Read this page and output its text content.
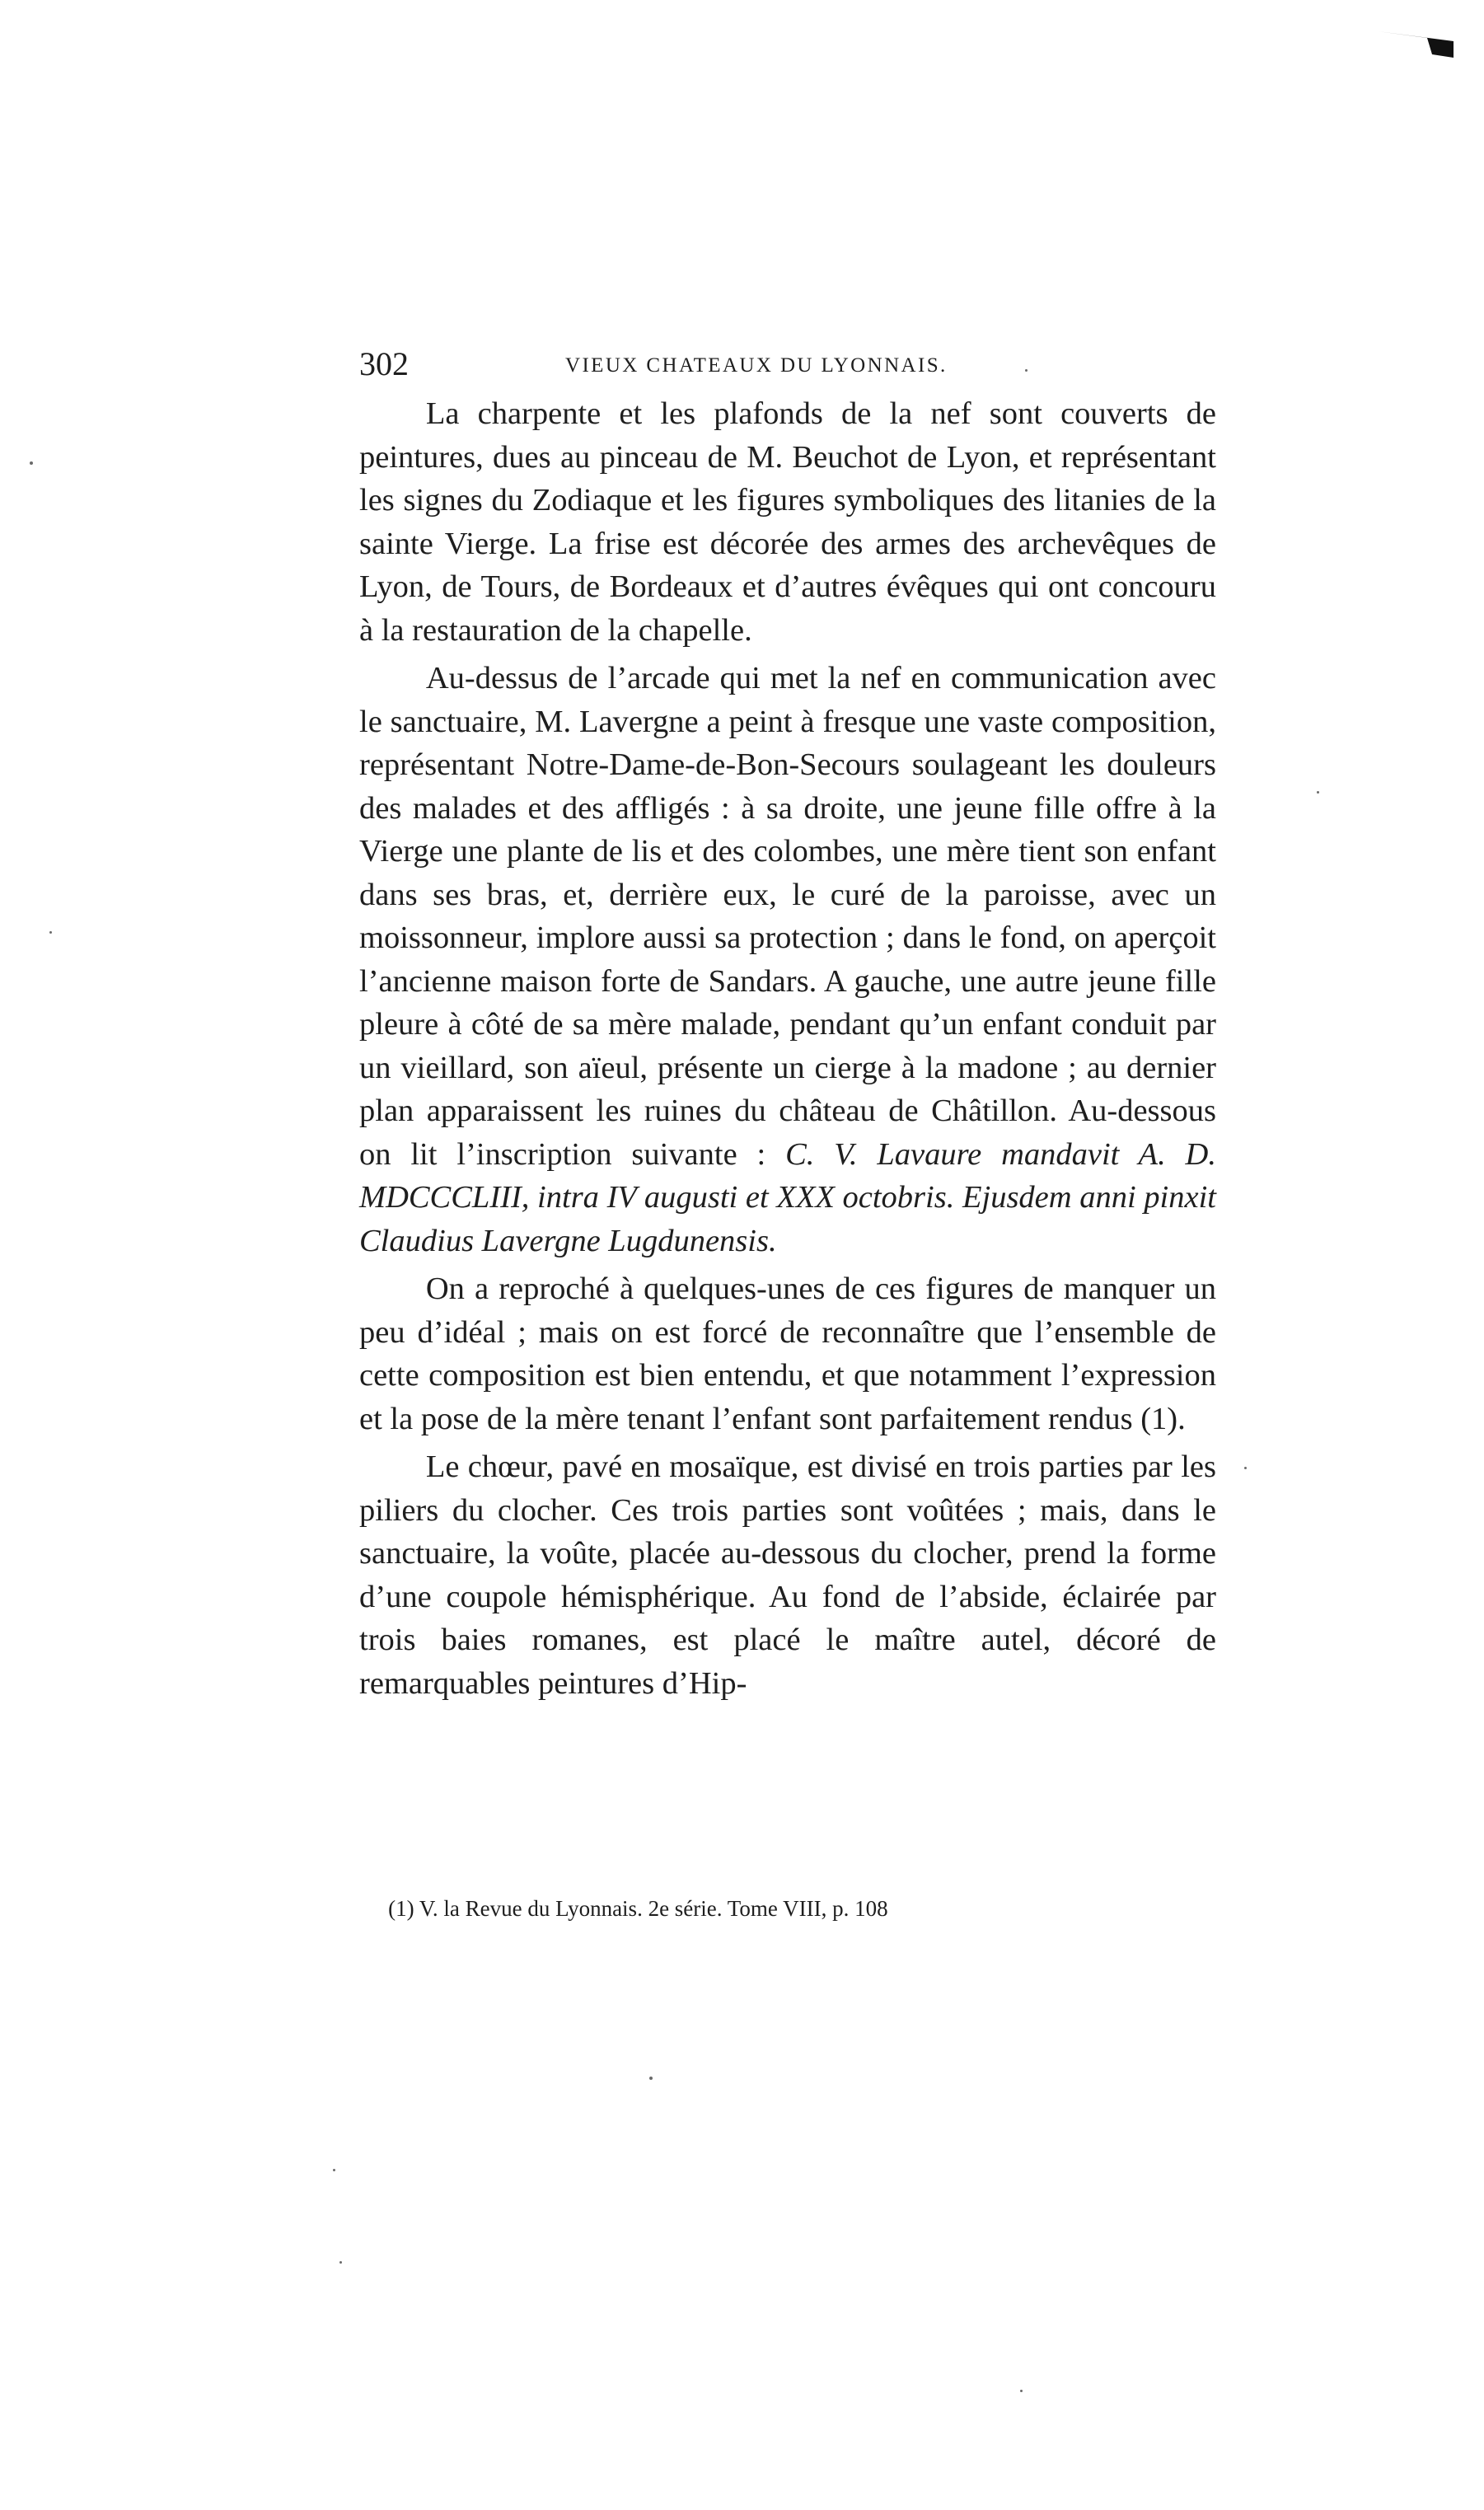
302	VIEUX CHATEAUX DU LYONNAIS.

La charpente et les plafonds de la nef sont couverts de peintures, dues au pinceau de M. Beuchot de Lyon, et représentant les signes du Zodiaque et les figures symboliques des litanies de la sainte Vierge. La frise est décorée des armes des archevêques de Lyon, de Tours, de Bordeaux et d’autres évêques qui ont concouru à la restauration de la chapelle.

Au-dessus de l’arcade qui met la nef en communication avec le sanctuaire, M. Lavergne a peint à fresque une vaste composition, représentant Notre-Dame-de-Bon-Secours soulageant les douleurs des malades et des affligés : à sa droite, une jeune fille offre à la Vierge une plante de lis et des colombes, une mère tient son enfant dans ses bras, et, derrière eux, le curé de la paroisse, avec un moissonneur, implore aussi sa protection ; dans le fond, on aperçoit l’ancienne maison forte de Sandars. A gauche, une autre jeune fille pleure à côté de sa mère malade, pendant qu’un enfant conduit par un vieillard, son aïeul, présente un cierge à la madone ; au dernier plan apparaissent les ruines du château de Châtillon. Au-dessous on lit l’inscription suivante : C. V. Lavaure mandavit A. D. MDCCCLIII, intra IV augusti et XXX octobris. Ejusdem anni pinxit Claudius Lavergne Lugdunensis.

On a reproché à quelques-unes de ces figures de manquer un peu d’idéal ; mais on est forcé de reconnaître que l’ensemble de cette composition est bien entendu, et que notamment l’expression et la pose de la mère tenant l’enfant sont parfaitement rendus (1).

Le chœur, pavé en mosaïque, est divisé en trois parties par les piliers du clocher. Ces trois parties sont voûtées ; mais, dans le sanctuaire, la voûte, placée au-dessous du clocher, prend la forme d’une coupole hémisphérique. Au fond de l’abside, éclairée par trois baies romanes, est placé le maître autel, décoré de remarquables peintures d’Hip-

(1) V. la Revue du Lyonnais. 2e série. Tome VIII, p. 108
